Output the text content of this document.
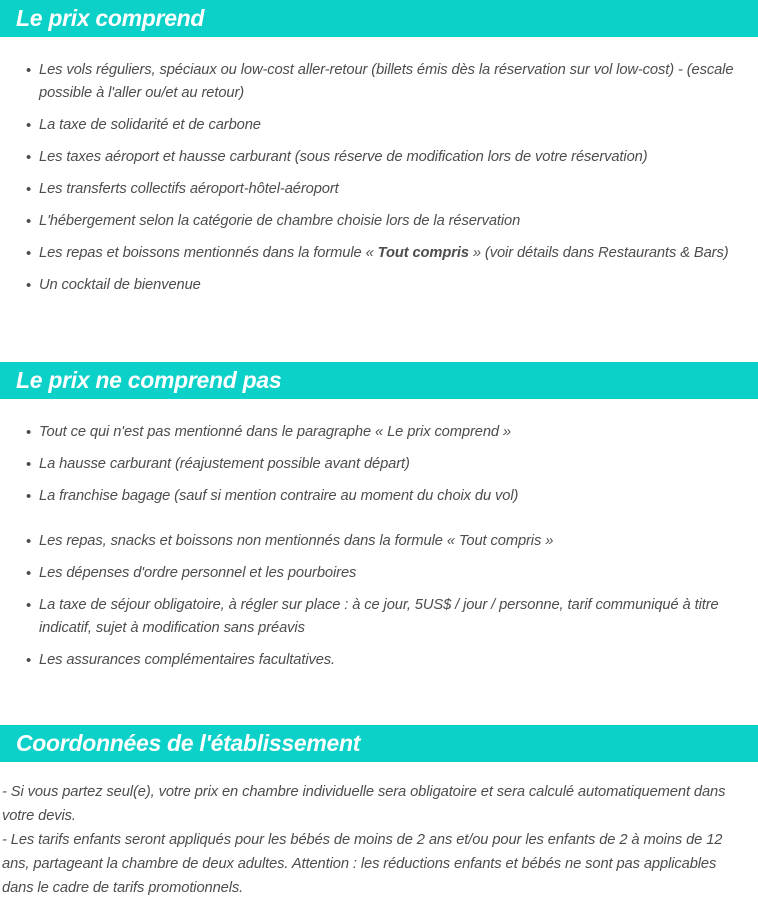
Le prix comprend
• Les vols réguliers, spéciaux ou low-cost aller-retour (billets émis dès la réservation sur vol low-cost) - (escale possible à l'aller ou/et au retour)
• La taxe de solidarité et de carbone
• Les taxes aéroport et hausse carburant (sous réserve de modification lors de votre réservation)
• Les transferts collectifs aéroport-hôtel-aéroport
• L'hébergement selon la catégorie de chambre choisie lors de la réservation
• Les repas et boissons mentionnés dans la formule « Tout compris » (voir détails dans Restaurants & Bars)
• Un cocktail de bienvenue
Le prix ne comprend pas
• Tout ce qui n'est pas mentionné dans le paragraphe « Le prix comprend »
• La hausse carburant (réajustement possible avant départ)
• La franchise bagage (sauf si mention contraire au moment du choix du vol)
• Les repas, snacks et boissons non mentionnés dans la formule « Tout compris »
• Les dépenses d'ordre personnel et les pourboires
• La taxe de séjour obligatoire, à régler sur place : à ce jour, 5US$ / jour / personne, tarif communiqué à titre indicatif, sujet à modification sans préavis
• Les assurances complémentaires facultatives.
Coordonnées de l'établissement

- Si vous partez seul(e), votre prix en chambre individuelle sera obligatoire et sera calculé automatiquement dans votre devis.

- Les tarifs enfants seront appliqués pour les bébés de moins de 2 ans et/ou pour les enfants de 2 à moins de 12 ans, partageant la chambre de deux adultes. Attention : les réductions enfants et bébés ne sont pas applicables dans le cadre de tarifs promotionnels.
